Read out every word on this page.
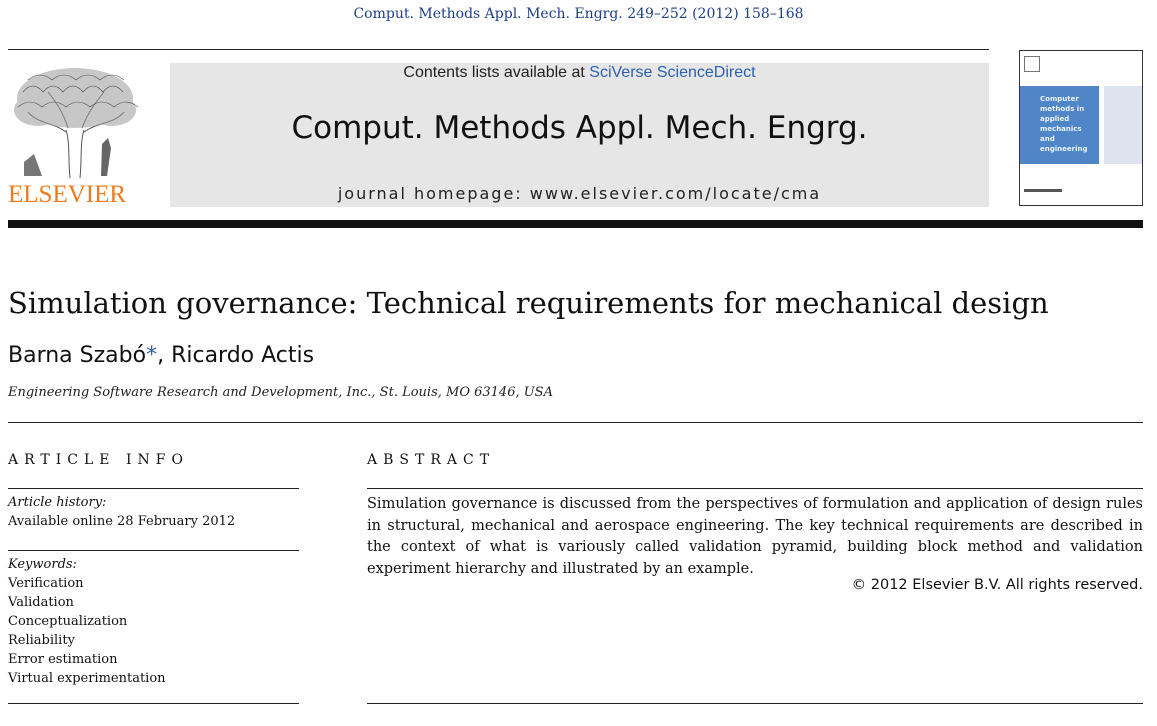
Comput. Methods Appl. Mech. Engrg. 249–252 (2012) 158–168
ELSEVIER
Contents lists available at SciVerse ScienceDirect
Comput. Methods Appl. Mech. Engrg.
journal homepage: www.elsevier.com/locate/cma
Computer
methods in
applied
mechanics
and
engineering
Simulation governance: Technical requirements for mechanical design
Barna Szabó*, Ricardo Actis
Engineering Software Research and Development, Inc., St. Louis, MO 63146, USA
ARTICLE INFO
Article history:
Available online 28 February 2012
Keywords:
Verification
Validation
Conceptualization
Reliability
Error estimation
Virtual experimentation
ABSTRACT

Simulation governance is discussed from the perspectives of formulation and application of design rules in structural, mechanical and aerospace engineering. The key technical requirements are described in the context of what is variously called validation pyramid, building block method and validation experiment hierarchy and illustrated by an example.

© 2012 Elsevier B.V. All rights reserved.
